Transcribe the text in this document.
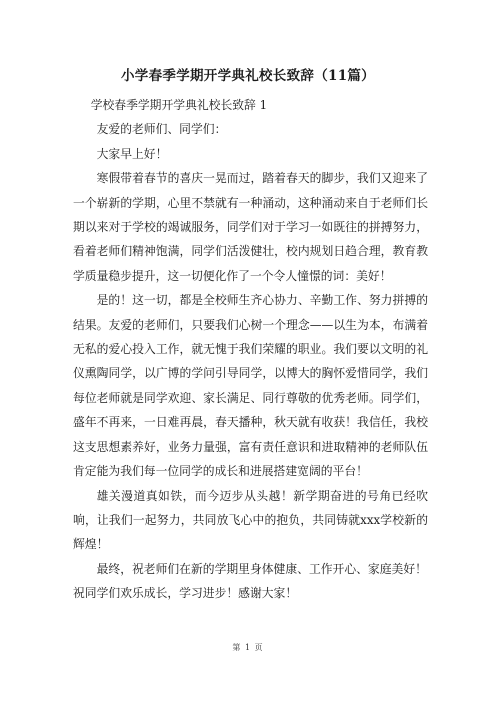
小学春季学期开学典礼校长致辞（11篇）

学校春季学期开学典礼校长致辞 1

友爱的老师们、同学们：

大家早上好！

寒假带着春节的喜庆一晃而过，踏着春天的脚步，我们又迎来了一个崭新的学期，心里不禁就有一种涌动，这种涌动来自于老师们长期以来对于学校的竭诚服务，同学们对于学习一如既往的拼搏努力，看着老师们精神饱满，同学们活泼健壮，校内规划日趋合理，教育教学质量稳步提升，这一切便化作了一个令人憧憬的词：美好！

是的！这一切，都是全校师生齐心协力、辛勤工作、努力拼搏的结果。友爱的老师们，只要我们心树一个理念——以生为本，布满着无私的爱心投入工作，就无愧于我们荣耀的职业。我们要以文明的礼仪熏陶同学，以广博的学问引导同学，以博大的胸怀爱惜同学，我们每位老师就是同学欢迎、家长满足、同行尊敬的优秀老师。同学们，盛年不再来，一日难再晨，春天播种，秋天就有收获！我信任，我校这支思想素养好，业务力量强，富有责任意识和进取精神的老师队伍肯定能为我们每一位同学的成长和进展搭建宽阔的平台！

雄关漫道真如铁，而今迈步从头越！新学期奋进的号角已经吹响，让我们一起努力，共同放飞心中的抱负，共同铸就xxx学校新的辉煌！

最终，祝老师们在新的学期里身体健康、工作开心、家庭美好！

祝同学们欢乐成长，学习进步！感谢大家！

第 1 页
